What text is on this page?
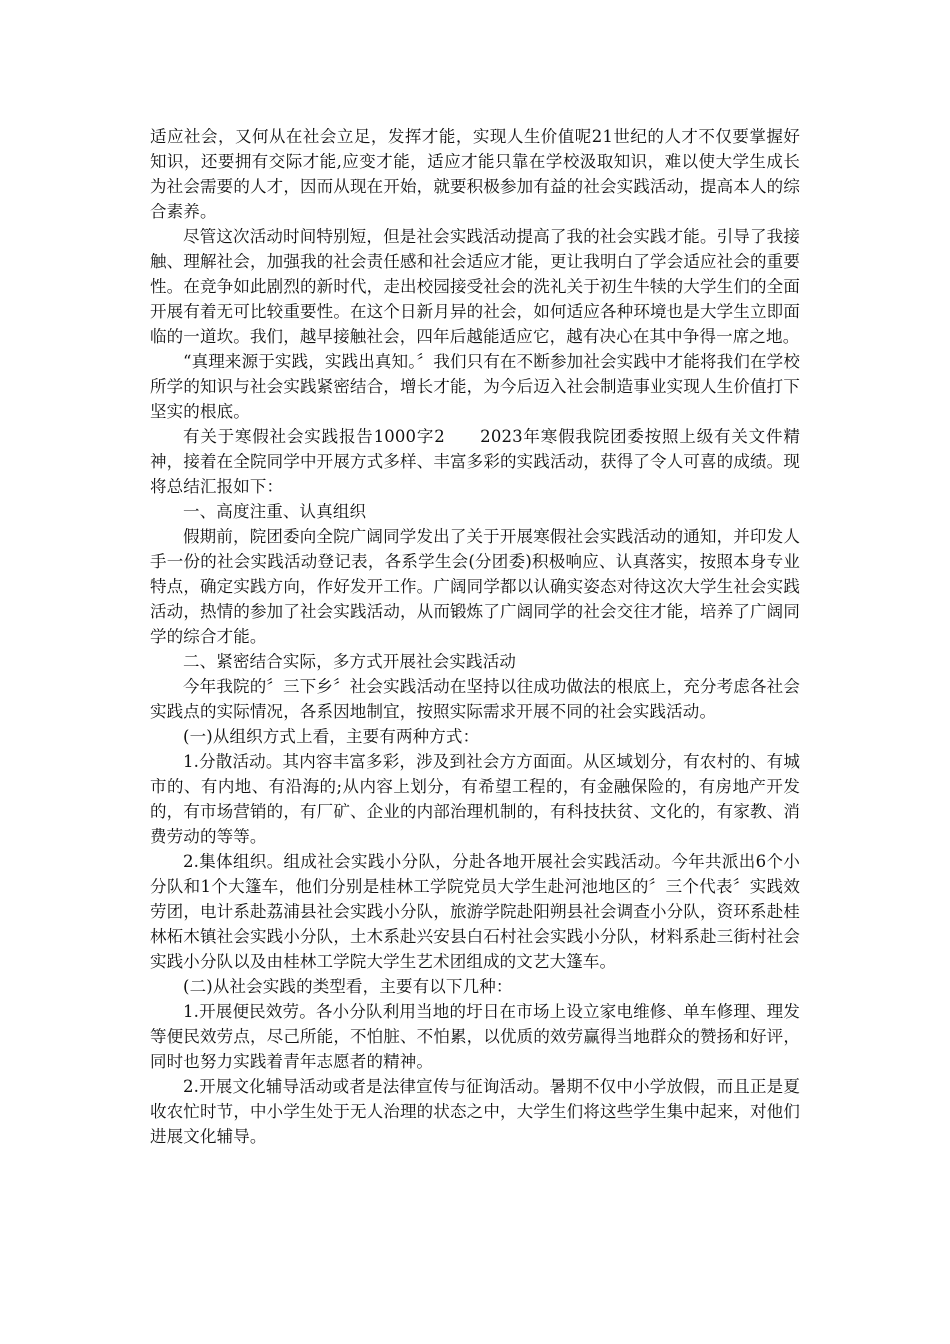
适应社会，又何从在社会立足，发挥才能，实现人生价值呢21世纪的人才不仅要掌握好知识，还要拥有交际才能,应变才能，适应才能只靠在学校汲取知识，难以使大学生成长为社会需要的人才，因而从现在开始，就要积极参加有益的社会实践活动，提高本人的综合素养。

尽管这次活动时间特别短，但是社会实践活动提高了我的社会实践才能。引导了我接触、理解社会，加强我的社会责任感和社会适应才能，更让我明白了学会适应社会的重要性。在竞争如此剧烈的新时代，走出校园接受社会的洗礼关于初生牛犊的大学生们的全面开展有着无可比较重要性。在这个日新月异的社会，如何适应各种环境也是大学生立即面临的一道坎。我们，越早接触社会，四年后越能适应它，越有决心在其中争得一席之地。

“真理来源于实践，实践出真知。〞我们只有在不断参加社会实践中才能将我们在学校所学的知识与社会实践紧密结合，增长才能，为今后迈入社会制造事业实现人生价值打下坚实的根底。

有关于寒假社会实践报告1000字2　　2023年寒假我院团委按照上级有关文件精神，接着在全院同学中开展方式多样、丰富多彩的实践活动，获得了令人可喜的成绩。现将总结汇报如下：

一、高度注重、认真组织

假期前，院团委向全院广阔同学发出了关于开展寒假社会实践活动的通知，并印发人手一份的社会实践活动登记表，各系学生会(分团委)积极响应、认真落实，按照本身专业特点，确定实践方向，作好发开工作。广阔同学都以认确实姿态对待这次大学生社会实践活动，热情的参加了社会实践活动，从而锻炼了广阔同学的社会交往才能，培养了广阔同学的综合才能。

二、紧密结合实际，多方式开展社会实践活动

今年我院的〞三下乡〞社会实践活动在坚持以往成功做法的根底上，充分考虑各社会实践点的实际情况，各系因地制宜，按照实际需求开展不同的社会实践活动。

(一)从组织方式上看，主要有两种方式：

1.分散活动。其内容丰富多彩，涉及到社会方方面面。从区域划分，有农村的、有城市的、有内地、有沿海的;从内容上划分，有希望工程的，有金融保险的，有房地产开发的，有市场营销的，有厂矿、企业的内部治理机制的，有科技扶贫、文化的，有家教、消费劳动的等等。

2.集体组织。组成社会实践小分队，分赴各地开展社会实践活动。今年共派出6个小分队和1个大篷车，他们分别是桂林工学院党员大学生赴河池地区的〞三个代表〞实践效劳团，电计系赴荔浦县社会实践小分队，旅游学院赴阳朔县社会调查小分队，资环系赴桂林柘木镇社会实践小分队，土木系赴兴安县白石村社会实践小分队，材料系赴三街村社会实践小分队以及由桂林工学院大学生艺术团组成的文艺大篷车。

(二)从社会实践的类型看，主要有以下几种：

1.开展便民效劳。各小分队利用当地的圩日在市场上设立家电维修、单车修理、理发等便民效劳点，尽己所能，不怕脏、不怕累，以优质的效劳赢得当地群众的赞扬和好评，同时也努力实践着青年志愿者的精神。

2.开展文化辅导活动或者是法律宣传与征询活动。暑期不仅中小学放假，而且正是夏收农忙时节，中小学生处于无人治理的状态之中，大学生们将这些学生集中起来，对他们进展文化辅导。
